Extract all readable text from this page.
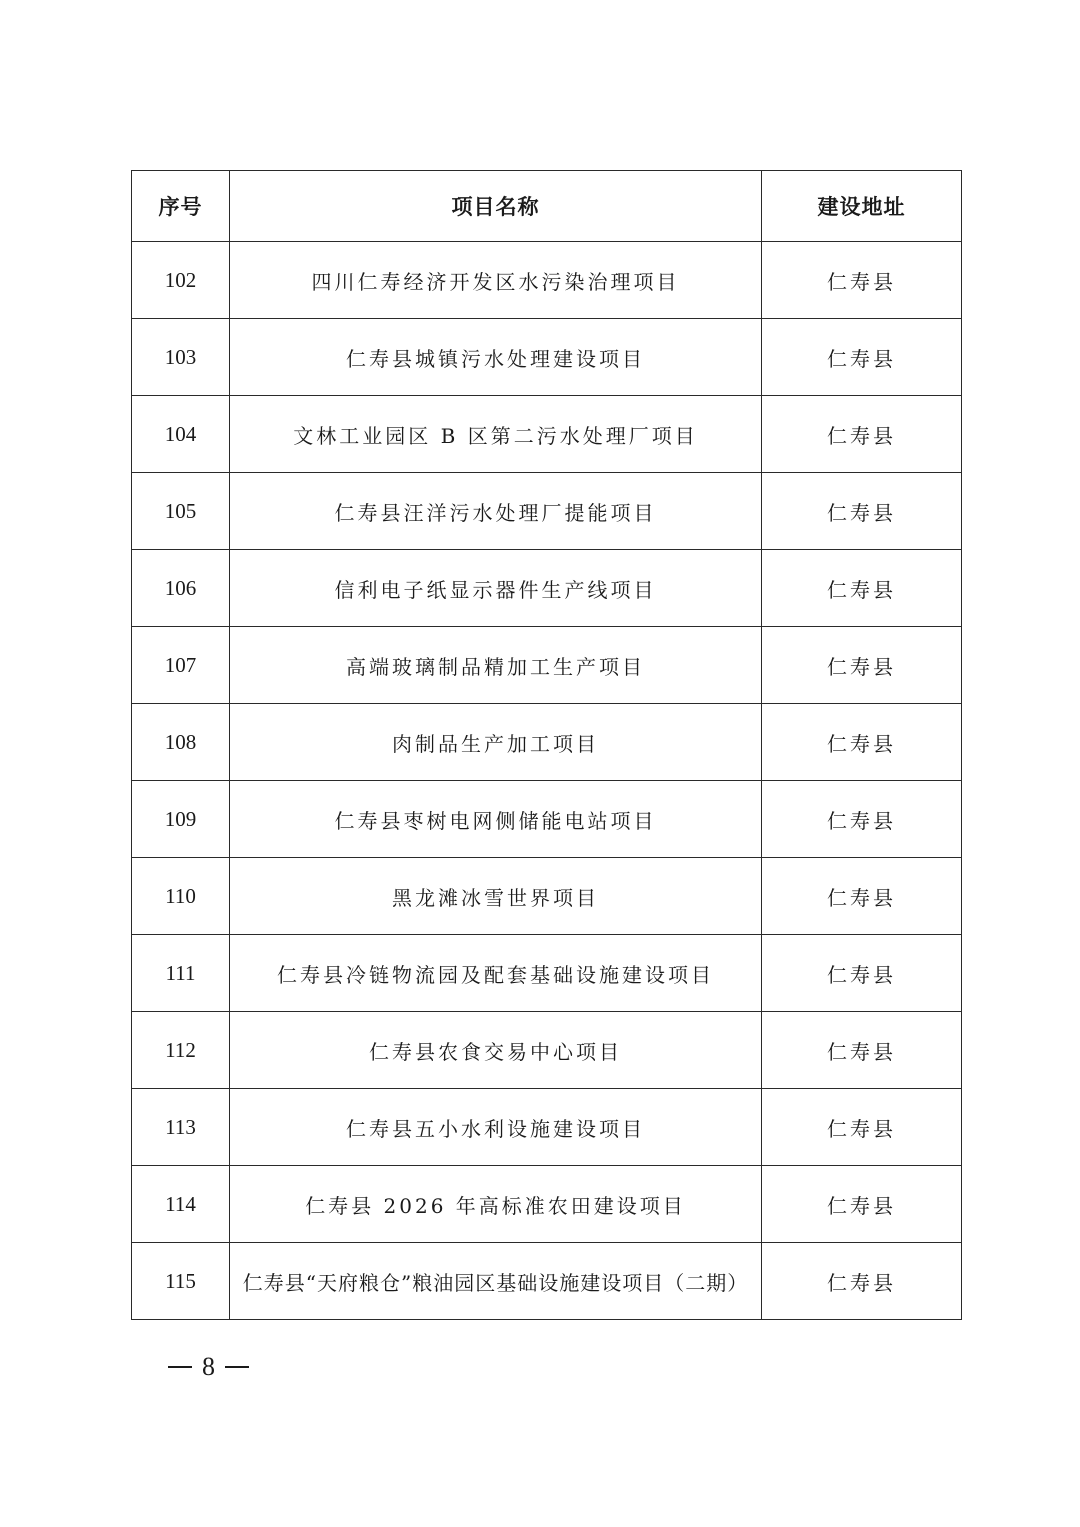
序号	项目名称	建设地址
102	四川仁寿经济开发区水污染治理项目	仁寿县
103	仁寿县城镇污水处理建设项目	仁寿县
104	文林工业园区 B 区第二污水处理厂项目	仁寿县
105	仁寿县汪洋污水处理厂提能项目	仁寿县
106	信利电子纸显示器件生产线项目	仁寿县
107	高端玻璃制品精加工生产项目	仁寿县
108	肉制品生产加工项目	仁寿县
109	仁寿县枣树电网侧储能电站项目	仁寿县
110	黑龙滩冰雪世界项目	仁寿县
111	仁寿县冷链物流园及配套基础设施建设项目	仁寿县
112	仁寿县农食交易中心项目	仁寿县
113	仁寿县五小水利设施建设项目	仁寿县
114	仁寿县 2026 年高标准农田建设项目	仁寿县
115	仁寿县“天府粮仓”粮油园区基础设施建设项目（二期）	仁寿县
8
